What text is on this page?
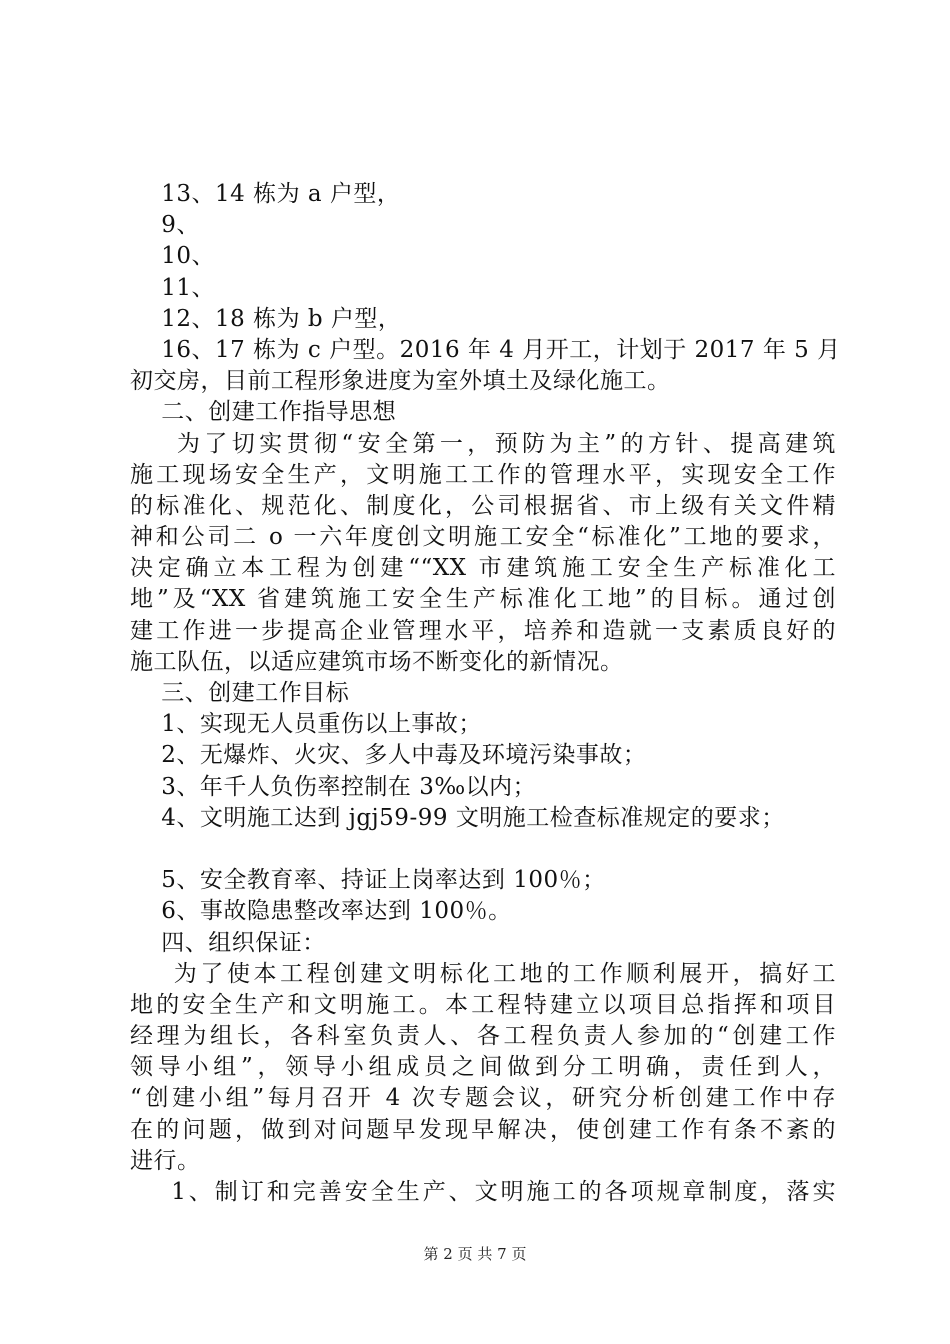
13、14 栋为 a 户型，
9、
10、
11、
12、18 栋为 b 户型，
16、17 栋为 c 户型。2016 年 4 月开工，计划于 2017 年 5 月
初交房，目前工程形象进度为室外填土及绿化施工。
二、创建工作指导思想
为了切实贯彻“安全第一，预防为主”的方针、提高建筑
施工现场安全生产，文明施工工作的管理水平，实现安全工作
的标准化、规范化、制度化，公司根据省、市上级有关文件精
神和公司二 o 一六年度创文明施工安全“标准化”工地的要求，
决定确立本工程为创建““XX 市建筑施工安全生产标准化工
地”及“XX 省建筑施工安全生产标准化工地”的目标。通过创
建工作进一步提高企业管理水平，培养和造就一支素质良好的
施工队伍，以适应建筑市场不断变化的新情况。
三、创建工作目标
1、实现无人员重伤以上事故；
2、无爆炸、火灾、多人中毒及环境污染事故；
3、年千人负伤率控制在 3‰以内；
4、文明施工达到 jgj59-99 文明施工检查标准规定的要求；
5、安全教育率、持证上岗率达到 100％；
6、事故隐患整改率达到 100％。
四、组织保证：
为了使本工程创建文明标化工地的工作顺利展开，搞好工
地的安全生产和文明施工。本工程特建立以项目总指挥和项目
经理为组长，各科室负责人、各工程负责人参加的“创建工作
领导小组”，领导小组成员之间做到分工明确，责任到人，
“创建小组”每月召开 4 次专题会议，研究分析创建工作中存
在的问题，做到对问题早发现早解决，使创建工作有条不紊的
进行。
1、制订和完善安全生产、文明施工的各项规章制度，落实
第 2 页 共 7 页
